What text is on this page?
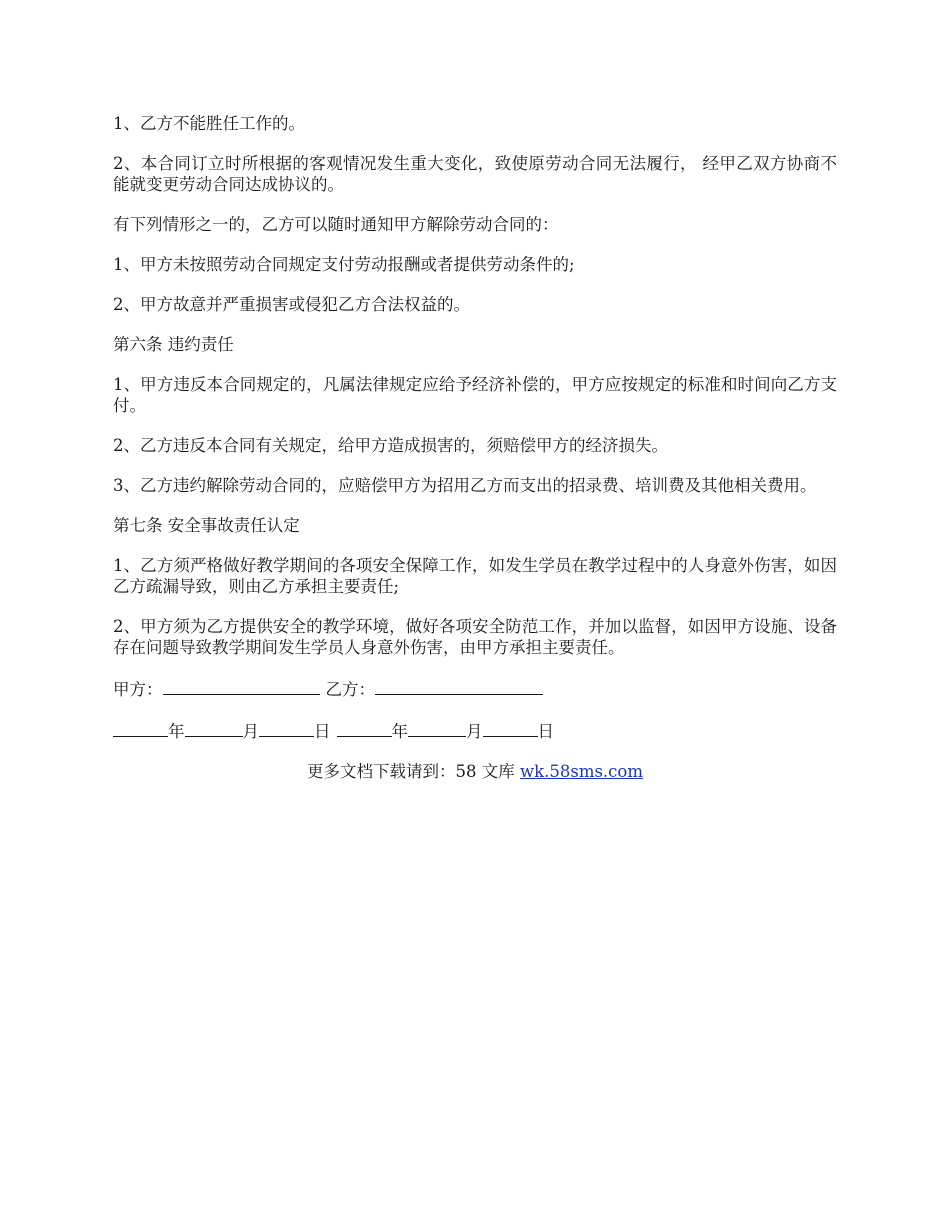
1、乙方不能胜任工作的。

2、本合同订立时所根据的客观情况发生重大变化，致使原劳动合同无法履行， 经甲乙双方协商不能就变更劳动合同达成协议的。

有下列情形之一的，乙方可以随时通知甲方解除劳动合同的：

1、甲方未按照劳动合同规定支付劳动报酬或者提供劳动条件的;

2、甲方故意并严重损害或侵犯乙方合法权益的。

第六条 违约责任

1、甲方违反本合同规定的，凡属法律规定应给予经济补偿的，甲方应按规定的标准和时间向乙方支付。

2、乙方违反本合同有关规定，给甲方造成损害的，须赔偿甲方的经济损失。

3、乙方违约解除劳动合同的，应赔偿甲方为招用乙方而支出的招录费、培训费及其他相关费用。

第七条 安全事故责任认定

1、乙方须严格做好教学期间的各项安全保障工作，如发生学员在教学过程中的人身意外伤害，如因乙方疏漏导致，则由乙方承担主要责任;

2、甲方须为乙方提供安全的教学环境，做好各项安全防范工作，并加以监督，如因甲方设施、设备存在问题导致教学期间发生学员人身意外伤害，由甲方承担主要责任。

甲方：	乙方：
年	月	日	年	月	日
更多文档下载请到：58 文库 wk.58sms.com
